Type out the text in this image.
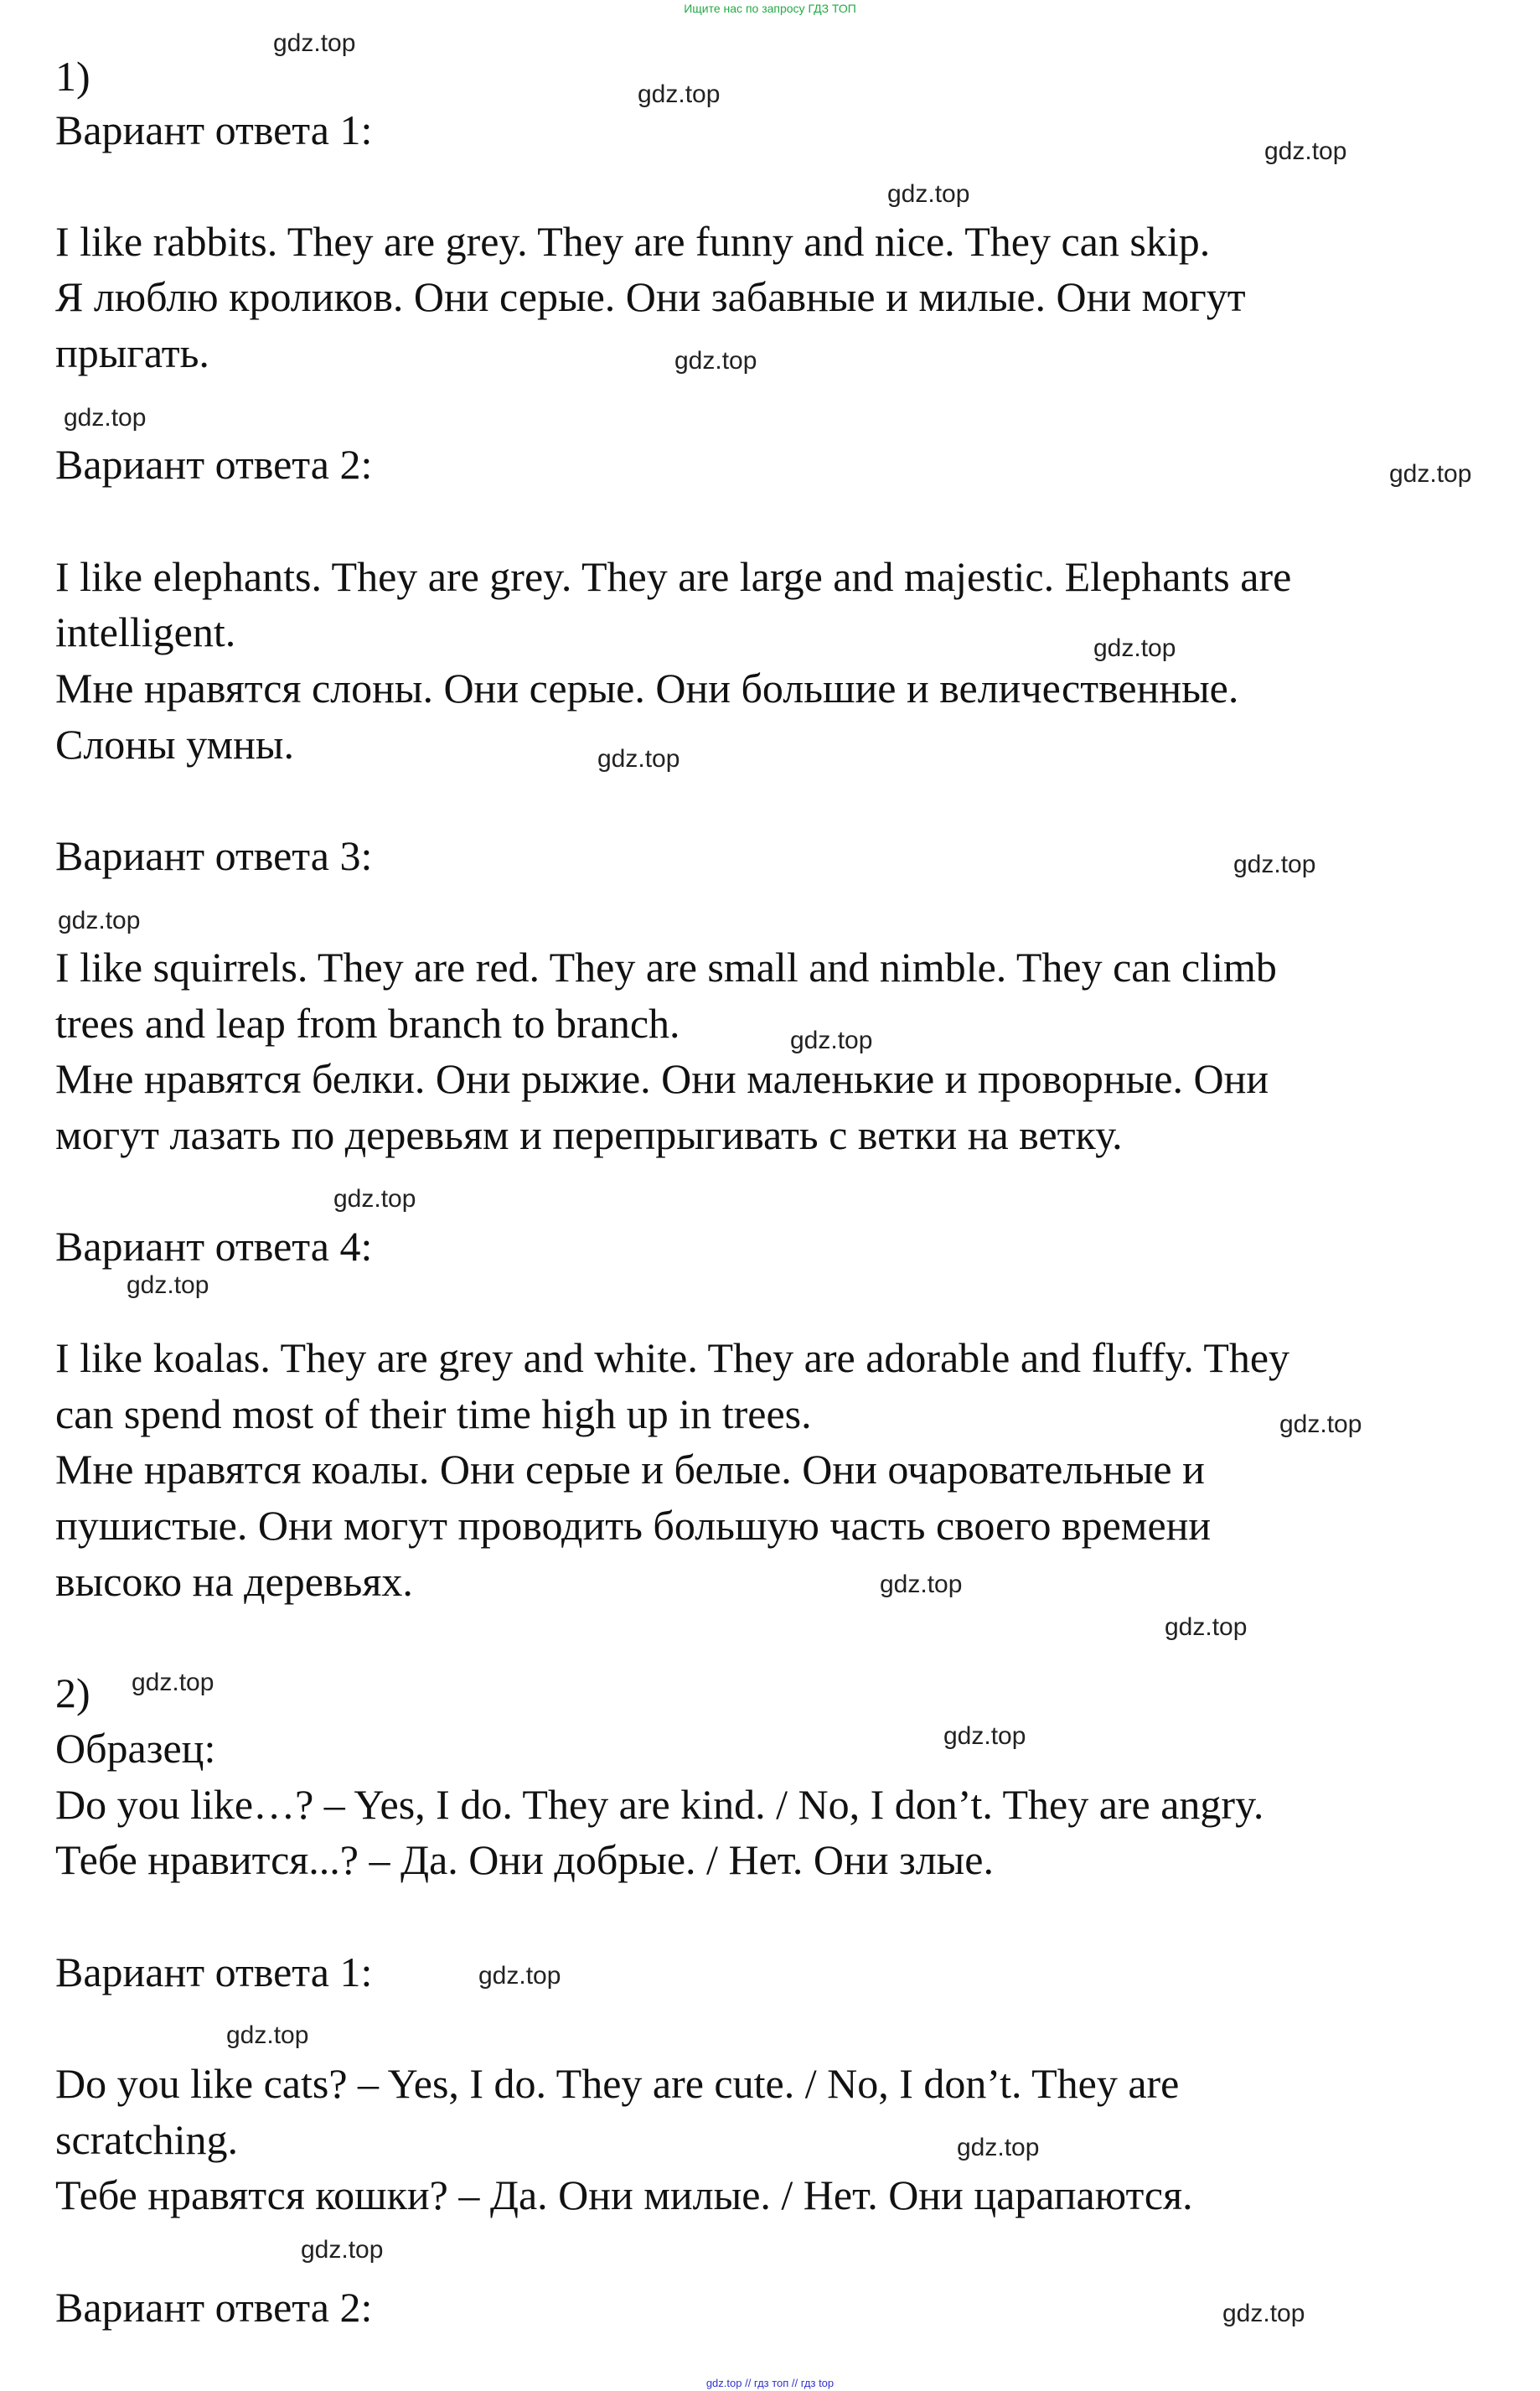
Ищите нас по запросу ГДЗ ТОП
1)
Вариант ответа 1:
I like rabbits. They are grey. They are funny and nice. They can skip.
Я люблю кроликов. Они серые. Они забавные и милые. Они могут
прыгать.
Вариант ответа 2:
I like elephants. They are grey. They are large and majestic. Elephants are
intelligent.
Мне нравятся слоны. Они серые. Они большие и величественные.
Слоны умны.
Вариант ответа 3:
I like squirrels. They are red. They are small and nimble. They can climb
trees and leap from branch to branch.
Мне нравятся белки. Они рыжие. Они маленькие и проворные. Они
могут лазать по деревьям и перепрыгивать с ветки на ветку.
Вариант ответа 4:
I like koalas. They are grey and white. They are adorable and fluffy. They
can spend most of their time high up in trees.
Мне нравятся коалы. Они серые и белые. Они очаровательные и
пушистые. Они могут проводить большую часть своего времени
высоко на деревьях.
2)
Образец:
Do you like…? – Yes, I do. They are kind. / No, I don’t. They are angry.
Тебе нравится...? – Да. Они добрые. / Нет. Они злые.
Вариант ответа 1:
Do you like cats? – Yes, I do. They are cute. / No, I don’t. They are
scratching.
Тебе нравятся кошки? – Да. Они милые. / Нет. Они царапаются.
Вариант ответа 2:
gdz.top
gdz.top
gdz.top
gdz.top
gdz.top
gdz.top
gdz.top
gdz.top
gdz.top
gdz.top
gdz.top
gdz.top
gdz.top
gdz.top
gdz.top
gdz.top
gdz.top
gdz.top
gdz.top
gdz.top
gdz.top
gdz.top
gdz.top
gdz.top
gdz.top // гдз топ // гдз top
